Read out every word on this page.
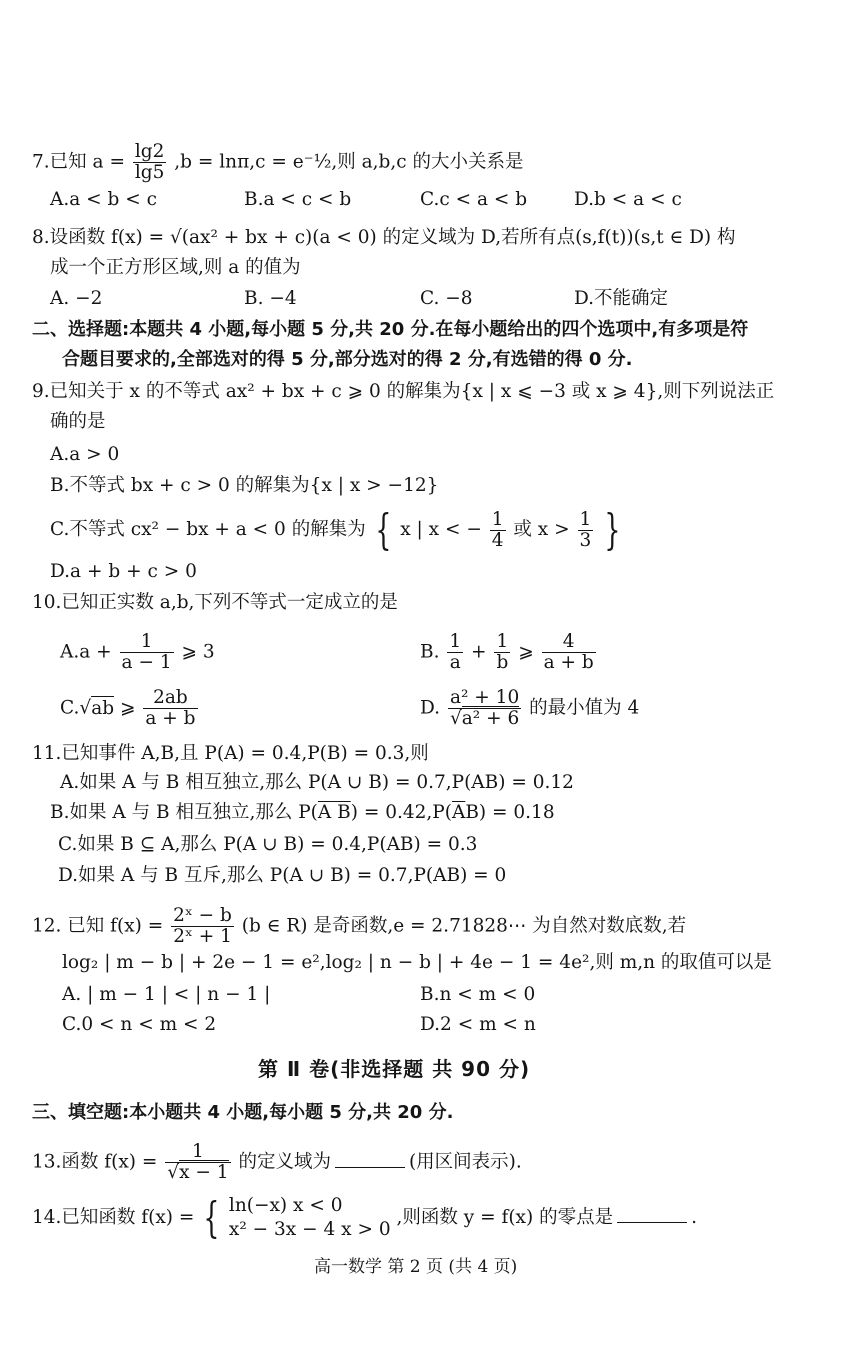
7.已知 $a = \frac{\lg 2}{\lg 5} ,b = \ln\pi,c$ = e⁻½,则 a,b,c 的大小关系是
A.a < b < c	B.a < c < b	C.c < a < b	D.b < a < c
8.设函数 f(x) = √(ax² + bx + c)(a < 0) 的定义域为 D,若所有点(s,f(t))(s,t ∈ D) 构
成一个正方形区域,则 a 的值为
A. −2	B. −4	C. −8	D.不能确定
二、选择题:本题共 4 小题,每小题 5 分,共 20 分.在每小题给出的四个选项中,有多项是符
合题目要求的,全部选对的得 5 分,部分选对的得 2 分,有选错的得 0 分.
9.已知关于 x 的不等式 ax² + bx + c ⩾ 0 的解集为{x | x ⩽ −3 或 x ⩾ 4},则下列说法正
确的是
A.a > 0
B.不等式 bx + c > 0 的解集为{x | x > −12}
C.不等式 cx² − bx + a < 0 的解集为 { x | x < − $\frac{1}{4}$ 或 $x > \frac{1}{3}$ }
D.a + b + c > 0
10.已知正实数 a,b,下列不等式一定成立的是
$A.a + \frac{1}{a - 1}$ ⩾ 3	B. $\frac{1}{a} + \frac{1}{b}$ ⩾ $\frac{4}{a + b}$
C.√ab ⩾ $\frac{2ab}{a + b}$	D. $\frac{\text{a² + 10}}{\text{√a² + 6}}$ 的最小值为 4
11.已知事件 A,B,且 P(A) = 0.4,P(B) = 0.3,则
A.如果 A 与 B 相互独立,那么 P(A ∪ B) = 0.7,P(AB) = 0.12
B.如果 A 与 B 相互独立,那么 P(A $B) = 0.42,P(\overline{A}B) = 0.18$
C.如果 B ⊆ A,那么 P(A ∪ B) = 0.4,P(AB) = 0.3
D.如果 A 与 B 互斥,那么 P(A ∪ B) = 0.7,P(AB) = 0
12. 已知 $f(x) = \frac{\text{2ˣ − b}}{\text{2ˣ + 1}} (b$ ∈ R) 是奇函数,e = 2.71828⋯ 为自然对数底数,若
log₂ | m − b | + 2e − 1 = e²,log₂ | n − b | + 4e − 1 = 4e²,则 m,n 的取值可以是
A. | m − 1 | < | n − 1 |	B.n < m < 0
C.0 < n < m < 2	D.2 < m < n
第 Ⅱ 卷(非选择题 共 90 分)
三、填空题:本小题共 4 小题,每小题 5 分,共 20 分.
13.函数 $f(x) = \frac{1}{√x - 1}$ 的定义域为	(用区间表示).
14.已知函数 f(x) = { ln(−x) x < 0
x² − 3x − 4 x > 0
,则函数 y = f(x) 的零点是	.
高一数学 第 2 页 (共 4 页)
